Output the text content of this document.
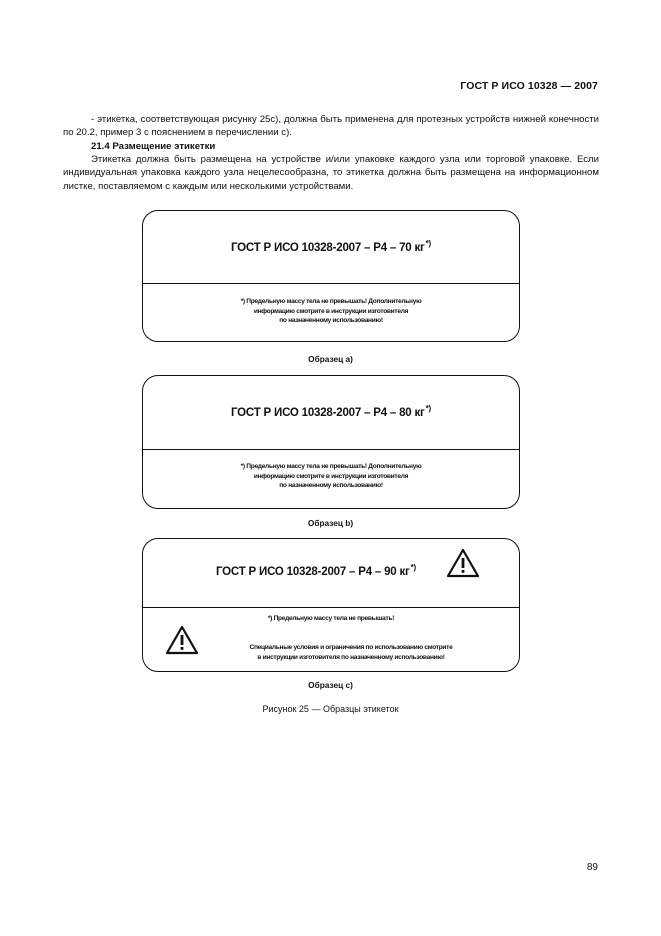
ГОСТ Р ИСО 10328 — 2007
- этикетка, соответствующая рисунку 25c), должна быть применена для протезных устройств нижней конечности по 20.2, пример 3 с пояснением в перечислении c).
21.4 Размещение этикетки
Этикетка должна быть размещена на устройстве и/или упаковке каждого узла или торговой упаковке. Если индивидуальная упаковка каждого узла нецелесообразна, то этикетка должна быть размещена на информационном листке, поставляемом с каждым или несколькими устройствами.
ГОСТ Р ИСО 10328-2007 – Р4 – 70 кг*)
*) Предельную массу тела не превышать! Дополнительную
информацию смотрите в инструкции изготовителя
по назначенному использованию!
Образец a)
ГОСТ Р ИСО 10328-2007 – Р4 – 80 кг*)
*) Предельную массу тела не превышать! Дополнительную
информацию смотрите в инструкции изготовителя
по назначенному использованию!
Образец b)
ГОСТ Р ИСО 10328-2007 – Р4 – 90 кг*)
*) Предельную массу тела не превышать!
Специальные условия и ограничения по использованию смотрите
в инструкции изготовителя по назначенному использованию!
Образец c)
Рисунок 25 — Образцы этикеток
89
